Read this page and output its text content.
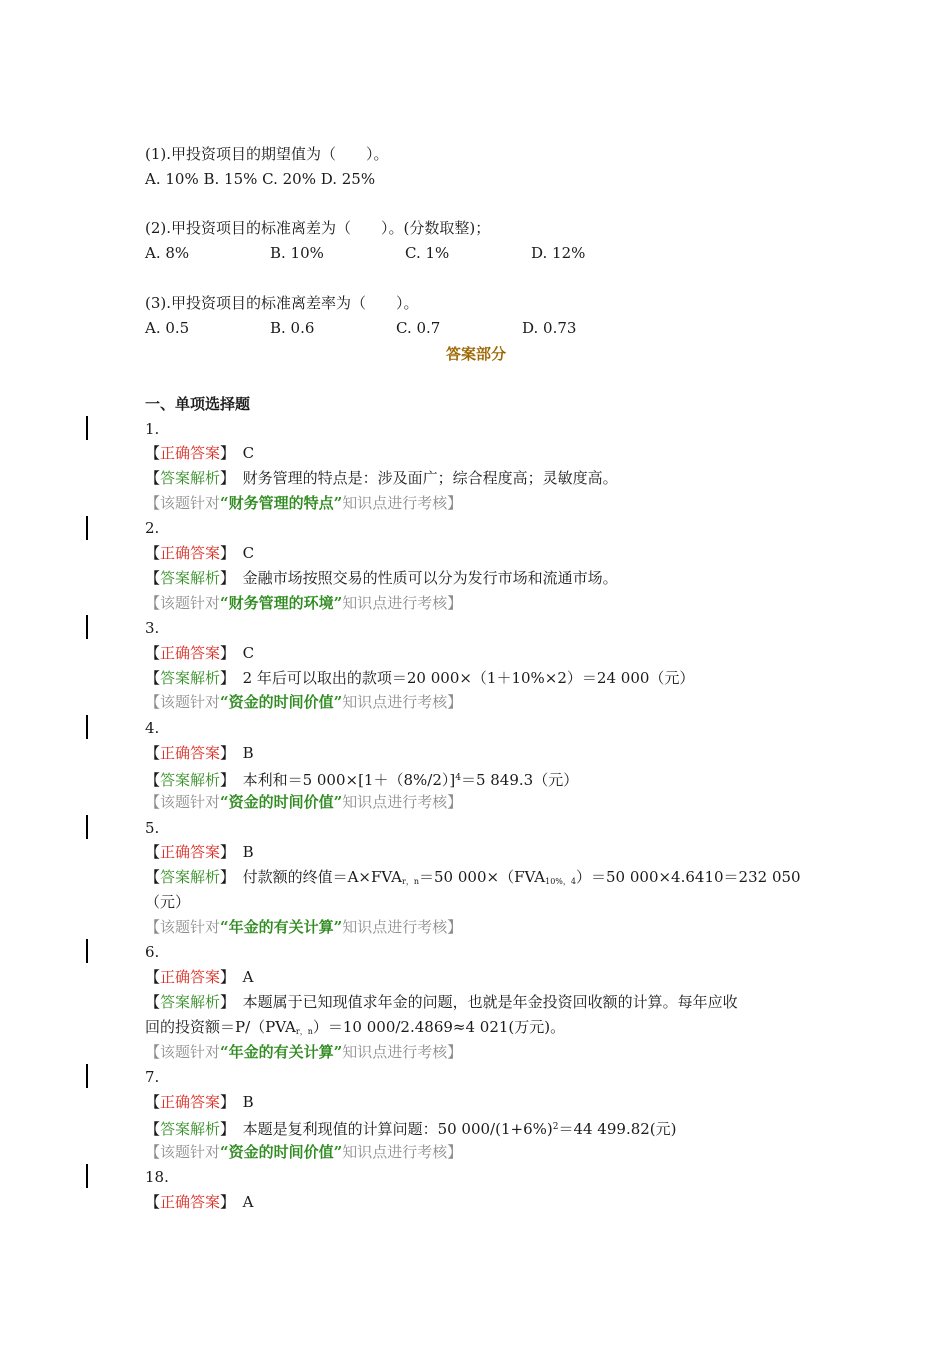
(1).甲投资项目的期望值为（　　）。
A. 10% B. 15% C. 20% D. 25%
(2).甲投资项目的标准离差为（　　）。(分数取整)；
A. 8%	B. 10%	C. 1%	D. 12%
(3).甲投资项目的标准离差率为（　　）。
A. 0.5	B. 0.6	C. 0.7	D. 0.73
答案部分
一、单项选择题
1.
【正确答案】　 C
【答案解析】　 财务管理的特点是：涉及面广；综合程度高；灵敏度高。
【该题针对“财务管理的特点”知识点进行考核】
2.
【正确答案】　 C
【答案解析】　 金融市场按照交易的性质可以分为发行市场和流通市场。
【该题针对“财务管理的环境”知识点进行考核】
3.
【正确答案】　 C
【答案解析】　 2 年后可以取出的款项＝20 000×（1＋10%×2）＝24 000（元）
【该题针对“资金的时间价值”知识点进行考核】
4.
【正确答案】　 B
【答案解析】　 本利和＝5 $000\times[1+(8\%/2)]^4=5$ 849.3（元）
【该题针对“资金的时间价值”知识点进行考核】
5.
【正确答案】　 B
【答案解析】　 付款额的终值$=A\times FVA_{r,n}=50$ $000\times(FVA_{10\%,4})=50$ 000×4.6410＝232 050
（元）
【该题针对“年金的有关计算”知识点进行考核】
6.
【正确答案】　 A
【答案解析】　 本题属于已知现值求年金的问题，也就是年金投资回收额的计算。每年应收
回的投资额$=P/(PVA_{r,n})=10$ 000/2.4869≈4 021(万元)。
【该题针对“年金的有关计算”知识点进行考核】
7.
【正确答案】　 B
【答案解析】　 本题是复利现值的计算问题：50 $000/(1+6\%)^2=44$ 499.82(元)
【该题针对“资金的时间价值”知识点进行考核】
18.
【正确答案】　 A
